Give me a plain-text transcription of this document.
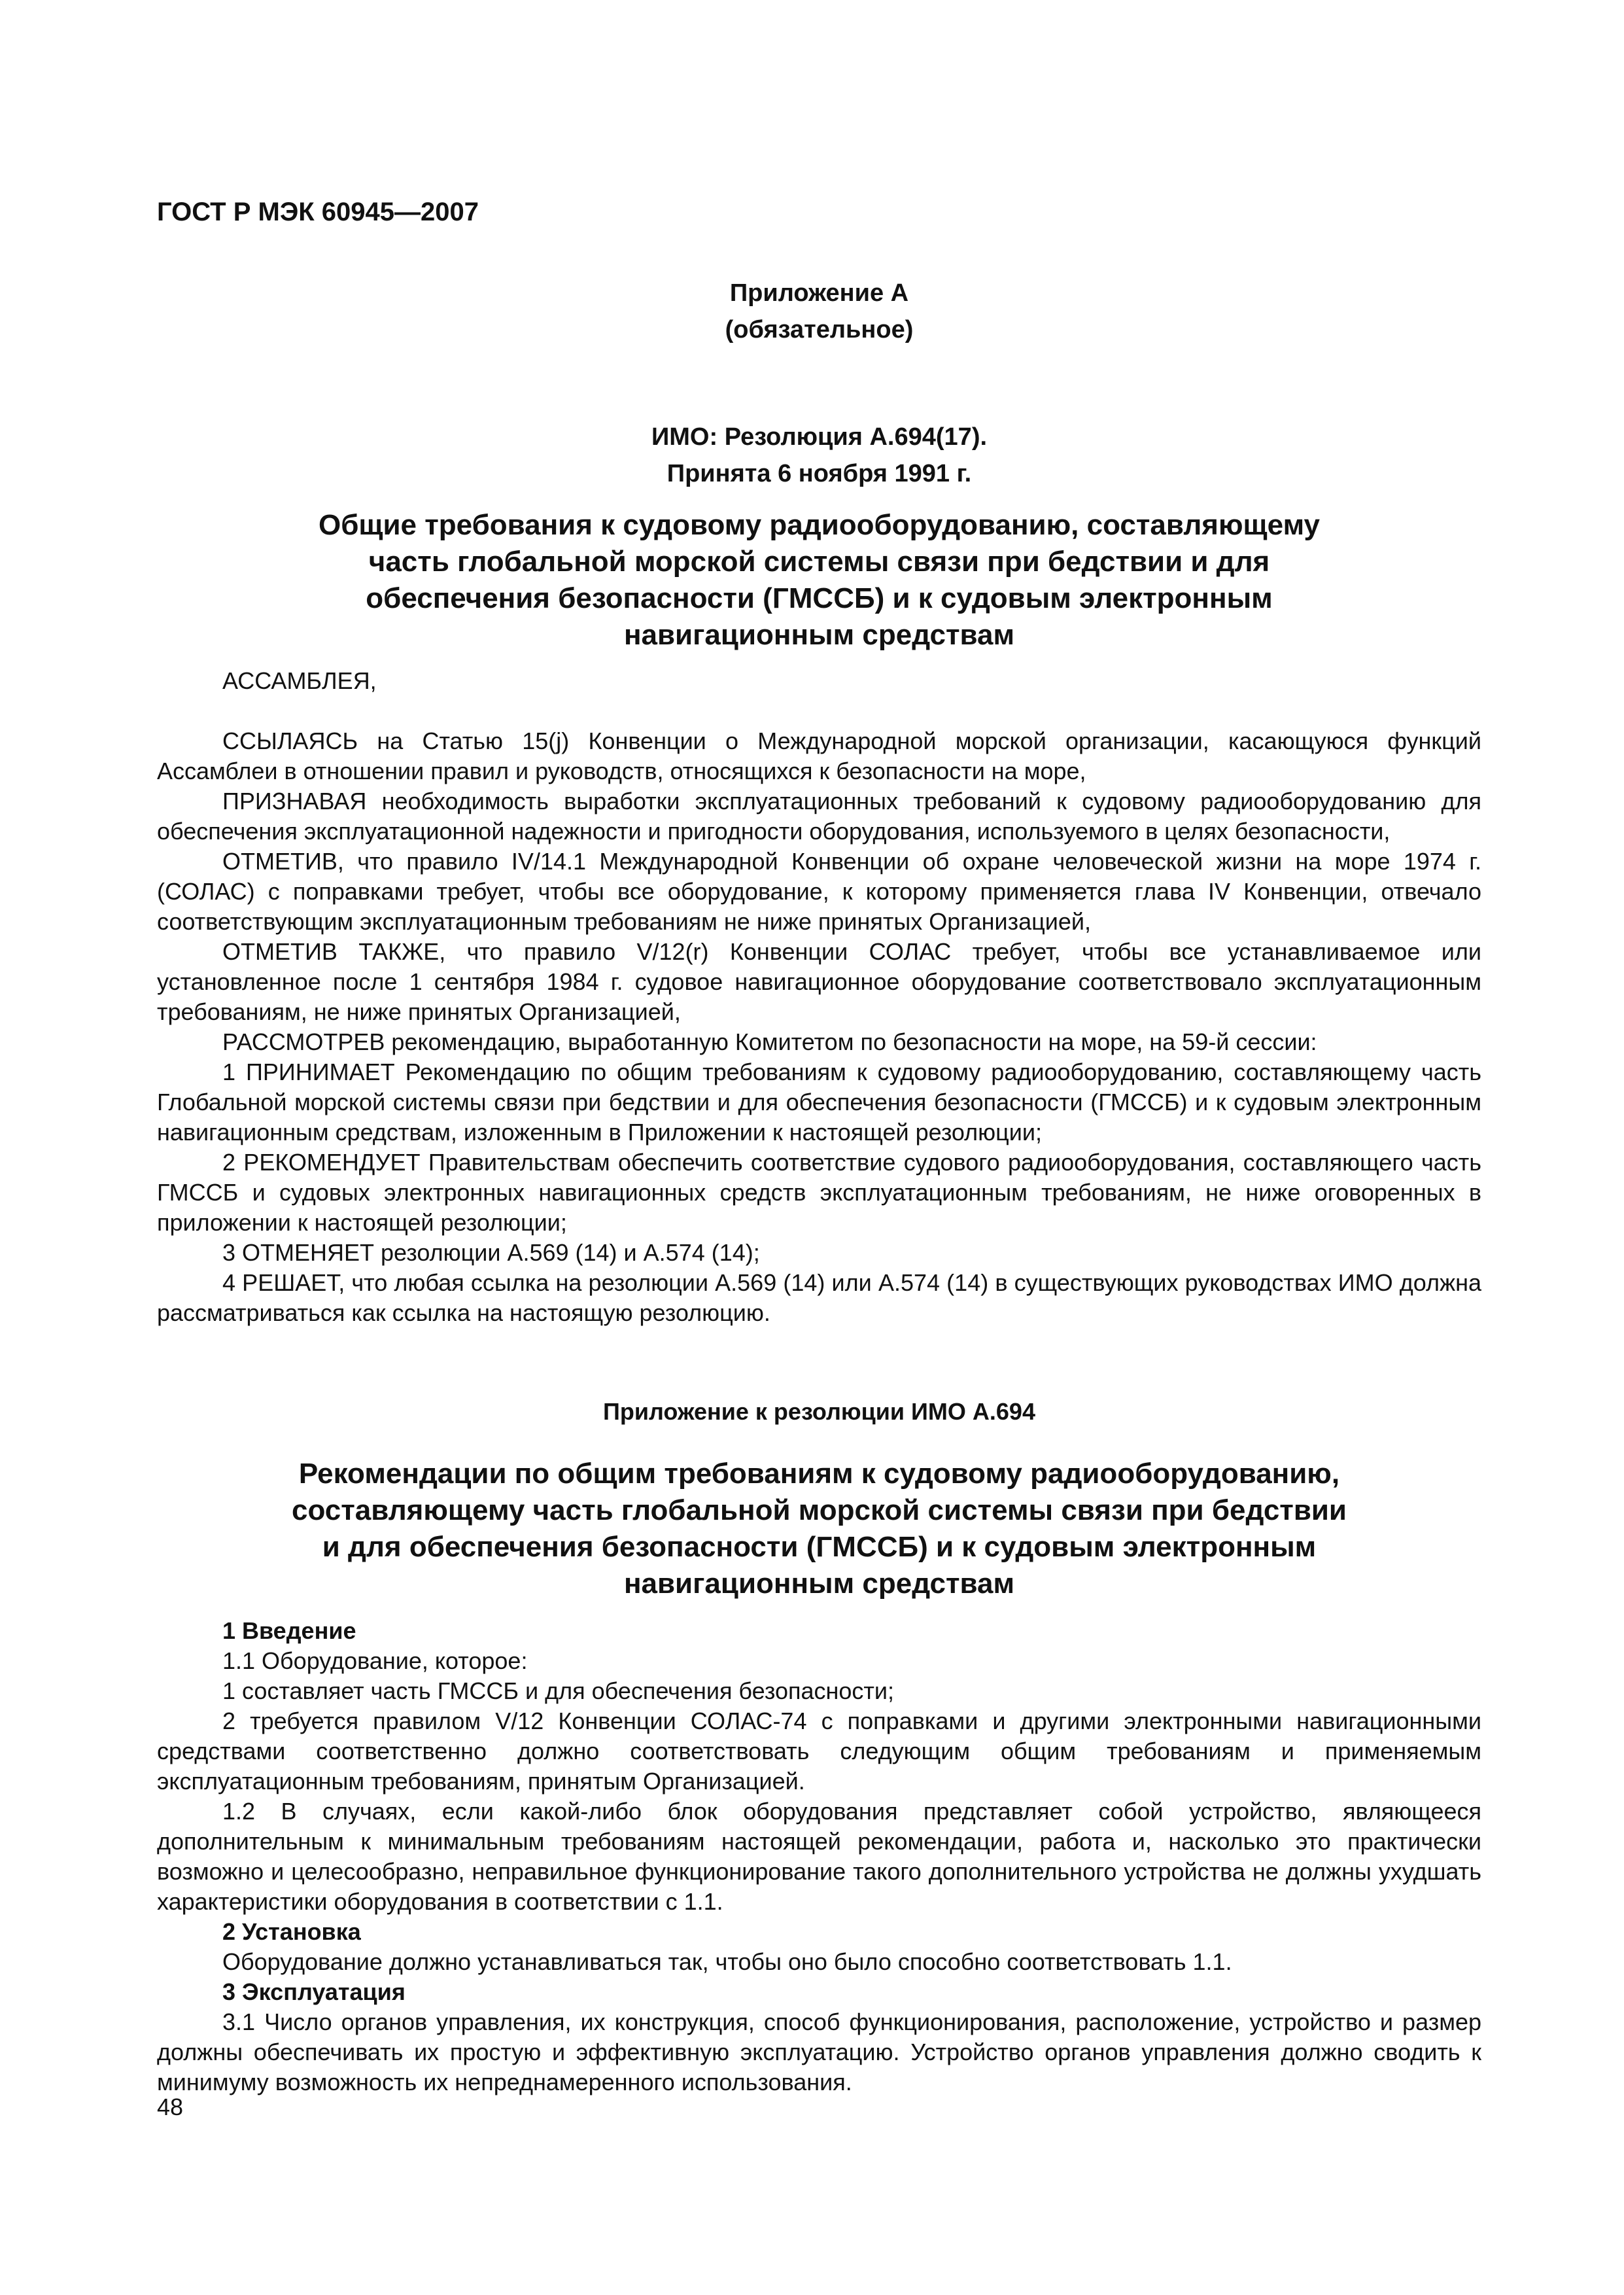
ГОСТ Р МЭК 60945—2007
Приложение А
(обязательное)
ИМО: Резолюция А.694(17).
Принята 6 ноября 1991 г.
Общие требования к судовому радиооборудованию, составляющему
часть глобальной морской системы связи при бедствии и для
обеспечения безопасности (ГМССБ) и к судовым электронным
навигационным средствам
АССАМБЛЕЯ,

ССЫЛАЯСЬ на Статью 15(j) Конвенции о Международной морской организации, касающуюся функций Ассамблеи в отношении правил и руководств, относящихся к безопасности на море,

ПРИЗНАВАЯ необходимость выработки эксплуатационных требований к судовому радиооборудованию для обеспечения эксплуатационной надежности и пригодности оборудования, используемого в целях безопасности,

ОТМЕТИВ, что правило IV/14.1 Международной Конвенции об охране человеческой жизни на море 1974 г. (СОЛАС) с поправками требует, чтобы все оборудование, к которому применяется глава IV Конвенции, отвечало соответствующим эксплуатационным требованиям не ниже принятых Организацией,

ОТМЕТИВ ТАКЖЕ, что правило V/12(r) Конвенции СОЛАС требует, чтобы все устанавливаемое или установленное после 1 сентября 1984 г. судовое навигационное оборудование соответствовало эксплуатационным требованиям, не ниже принятых Организацией,

РАССМОТРЕВ рекомендацию, выработанную Комитетом по безопасности на море, на 59-й сессии:

1 ПРИНИМАЕТ Рекомендацию по общим требованиям к судовому радиооборудованию, составляющему часть Глобальной морской системы связи при бедствии и для обеспечения безопасности (ГМССБ) и к судовым электронным навигационным средствам, изложенным в Приложении к настоящей резолюции;

2 РЕКОМЕНДУЕТ Правительствам обеспечить соответствие судового радиооборудования, составляющего часть ГМССБ и судовых электронных навигационных средств эксплуатационным требованиям, не ниже оговоренных в приложении к настоящей резолюции;

3 ОТМЕНЯЕТ резолюции А.569 (14) и А.574 (14);

4 РЕШАЕТ, что любая ссылка на резолюции А.569 (14) или А.574 (14) в существующих руководствах ИМО должна рассматриваться как ссылка на настоящую резолюцию.

Приложение к резолюции ИМО А.694
Рекомендации по общим требованиям к судовому радиооборудованию,
составляющему часть глобальной морской системы связи при бедствии
и для обеспечения безопасности (ГМССБ) и к судовым электронным
навигационным средствам

1 Введение

1.1 Оборудование, которое:

1 составляет часть ГМССБ и для обеспечения безопасности;

2 требуется правилом V/12 Конвенции СОЛАС-74 с поправками и другими электронными навигационными средствами соответственно должно соответствовать следующим общим требованиям и применяемым эксплуатационным требованиям, принятым Организацией.

1.2 В случаях, если какой-либо блок оборудования представляет собой устройство, являющееся дополнительным к минимальным требованиям настоящей рекомендации, работа и, насколько это практически возможно и целесообразно, неправильное функционирование такого дополнительного устройства не должны ухудшать характеристики оборудования в соответствии с 1.1.

2 Установка

Оборудование должно устанавливаться так, чтобы оно было способно соответствовать 1.1.

3 Эксплуатация

3.1 Число органов управления, их конструкция, способ функционирования, расположение, устройство и размер должны обеспечивать их простую и эффективную эксплуатацию. Устройство органов управления должно сводить к минимуму возможность их непреднамеренного использования.

48
